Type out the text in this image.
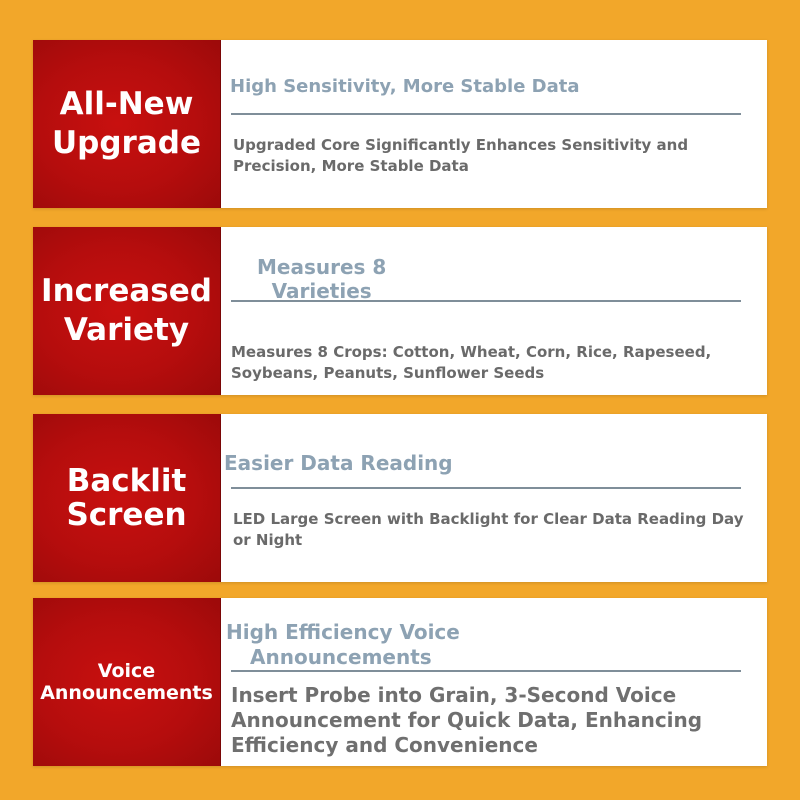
All-New
Upgrade
High Sensitivity, More Stable Data
Upgraded Core Significantly Enhances Sensitivity and Precision, More Stable Data
Increased
Variety
Measures 8
Varieties
Measures 8 Crops: Cotton, Wheat, Corn, Rice, Rapeseed, Soybeans, Peanuts, Sunflower Seeds
Backlit
Screen
Easier Data Reading
LED Large Screen with Backlight for Clear Data Reading Day or Night
Voice
Announcements
High Efficiency Voice
Announcements
Insert Probe into Grain, 3-Second Voice Announcement for Quick Data, Enhancing Efficiency and Convenience
